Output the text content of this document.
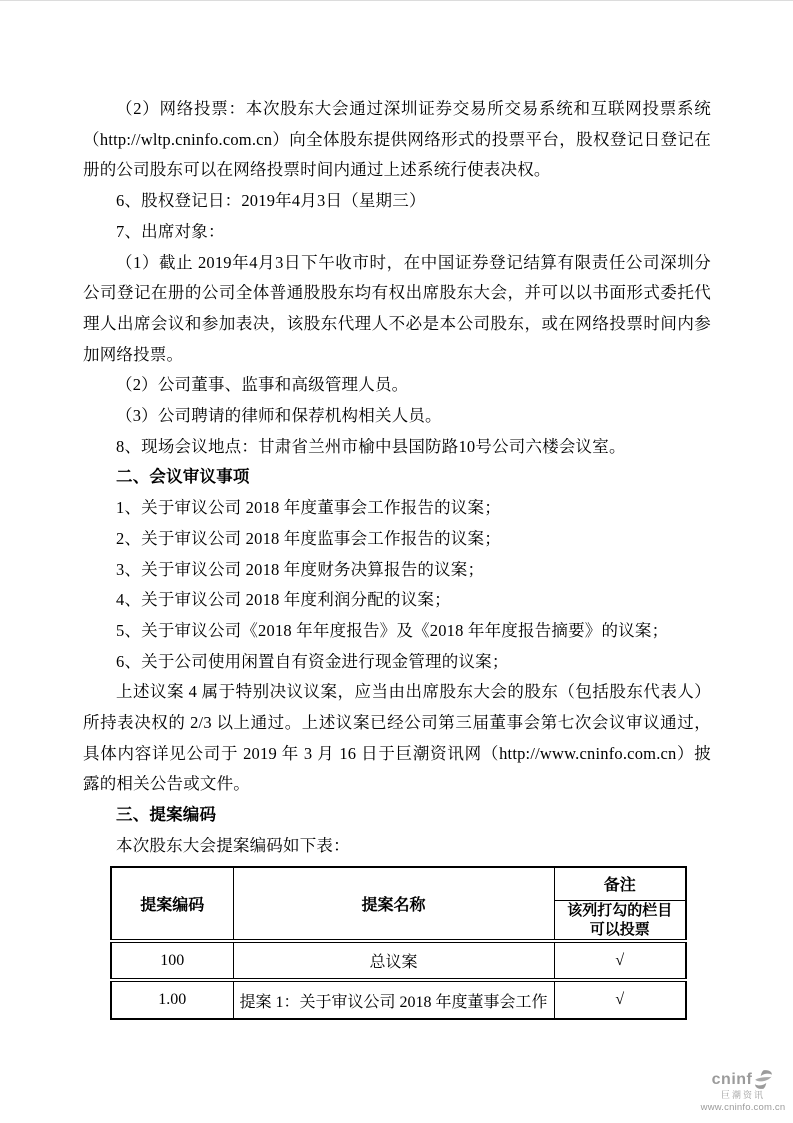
（2）网络投票：本次股东大会通过深圳证券交易所交易系统和互联网投票系统（http://wltp.cninfo.com.cn）向全体股东提供网络形式的投票平台，股权登记日登记在册的公司股东可以在网络投票时间内通过上述系统行使表决权。

6、股权登记日：2019年4月3日（星期三）

7、出席对象：

（1）截止 2019年4月3日下午收市时，在中国证券登记结算有限责任公司深圳分公司登记在册的公司全体普通股股东均有权出席股东大会，并可以以书面形式委托代理人出席会议和参加表决，该股东代理人不必是本公司股东，或在网络投票时间内参加网络投票。

（2）公司董事、监事和高级管理人员。

（3）公司聘请的律师和保荐机构相关人员。

8、现场会议地点：甘肃省兰州市榆中县国防路10号公司六楼会议室。

二、会议审议事项

1、关于审议公司 2018 年度董事会工作报告的议案；

2、关于审议公司 2018 年度监事会工作报告的议案；

3、关于审议公司 2018 年度财务决算报告的议案；

4、关于审议公司 2018 年度利润分配的议案；

5、关于审议公司《2018 年年度报告》及《2018 年年度报告摘要》的议案；

6、关于公司使用闲置自有资金进行现金管理的议案；

上述议案 4 属于特别决议议案，应当由出席股东大会的股东（包括股东代表人）所持表决权的 2/3 以上通过。上述议案已经公司第三届董事会第七次会议审议通过，具体内容详见公司于 2019 年 3 月 16 日于巨潮资讯网（http://www.cninfo.com.cn）披露的相关公告或文件。

三、提案编码

本次股东大会提案编码如下表：

提案编码	提案名称	备注
		该列打勾的栏目可以投票
100	总议案	√
1.00	提案 1：关于审议公司 2018 年度董事会工作	√
cninf
巨潮资讯
www.cninfo.com.cn
